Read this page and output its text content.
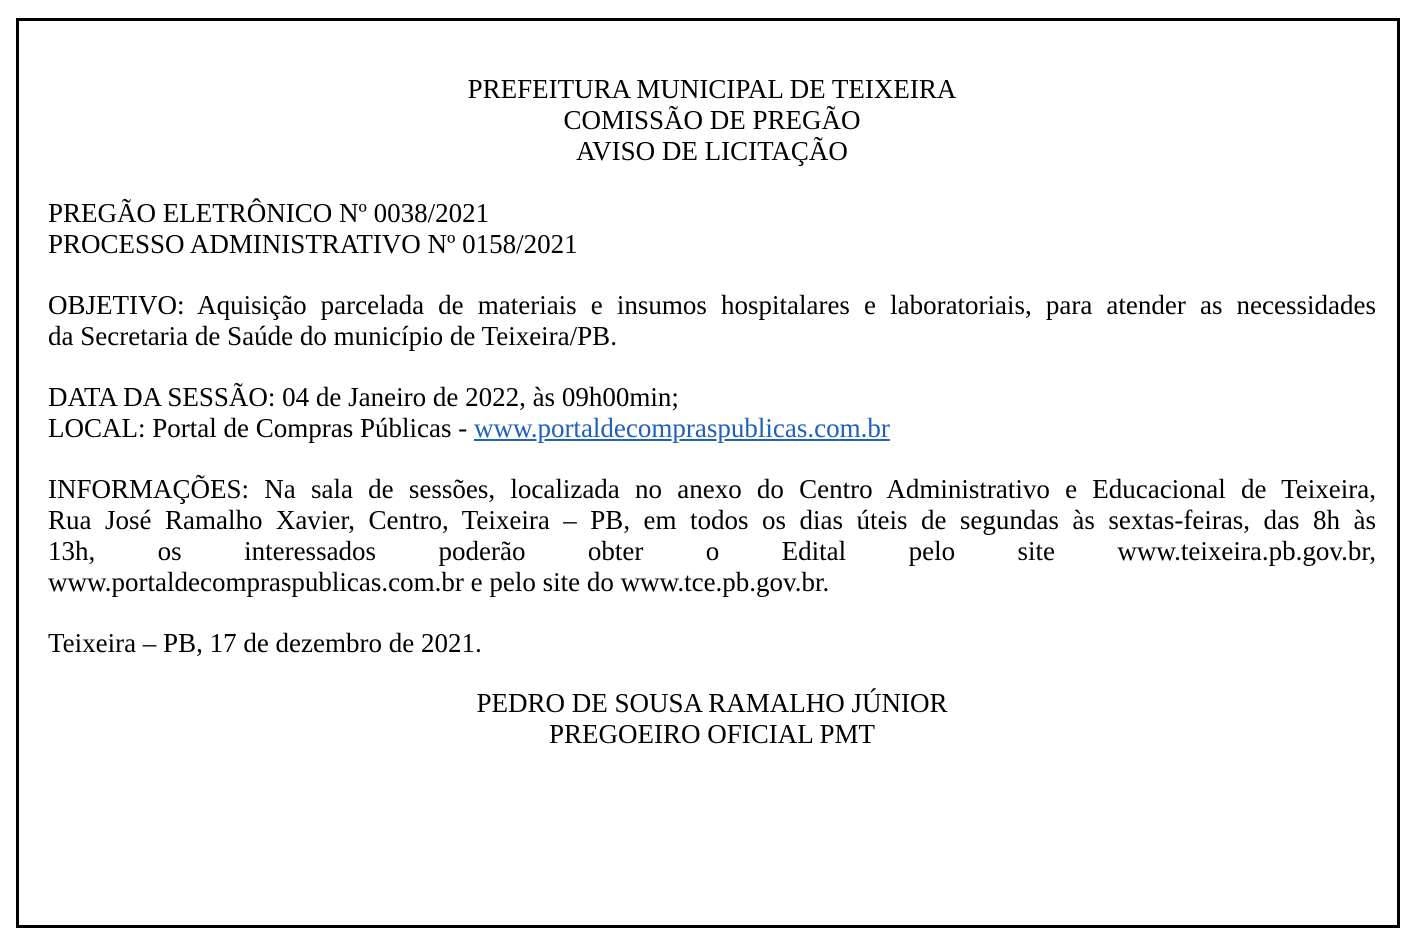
PREFEITURA MUNICIPAL DE TEIXEIRA
COMISSÃO DE PREGÃO
AVISO DE LICITAÇÃO
PREGÃO ELETRÔNICO Nº 0038/2021
PROCESSO ADMINISTRATIVO Nº 0158/2021
OBJETIVO: Aquisição parcelada de materiais e insumos hospitalares e laboratoriais, para atender as necessidades
da Secretaria de Saúde do município de Teixeira/PB.
DATA DA SESSÃO: 04 de Janeiro de 2022, às 09h00min;
LOCAL: Portal de Compras Públicas - www.portaldecompraspublicas.com.br
INFORMAÇÕES: Na sala de sessões, localizada no anexo do Centro Administrativo e Educacional de Teixeira,
Rua José Ramalho Xavier, Centro, Teixeira – PB, em todos os dias úteis de segundas às sextas-feiras, das 8h às
13h, os interessados poderão obter o Edital pelo site www.teixeira.pb.gov.br,
www.portaldecompraspublicas.com.br e pelo site do www.tce.pb.gov.br.
Teixeira – PB, 17 de dezembro de 2021.
PEDRO DE SOUSA RAMALHO JÚNIOR
PREGOEIRO OFICIAL PMT
